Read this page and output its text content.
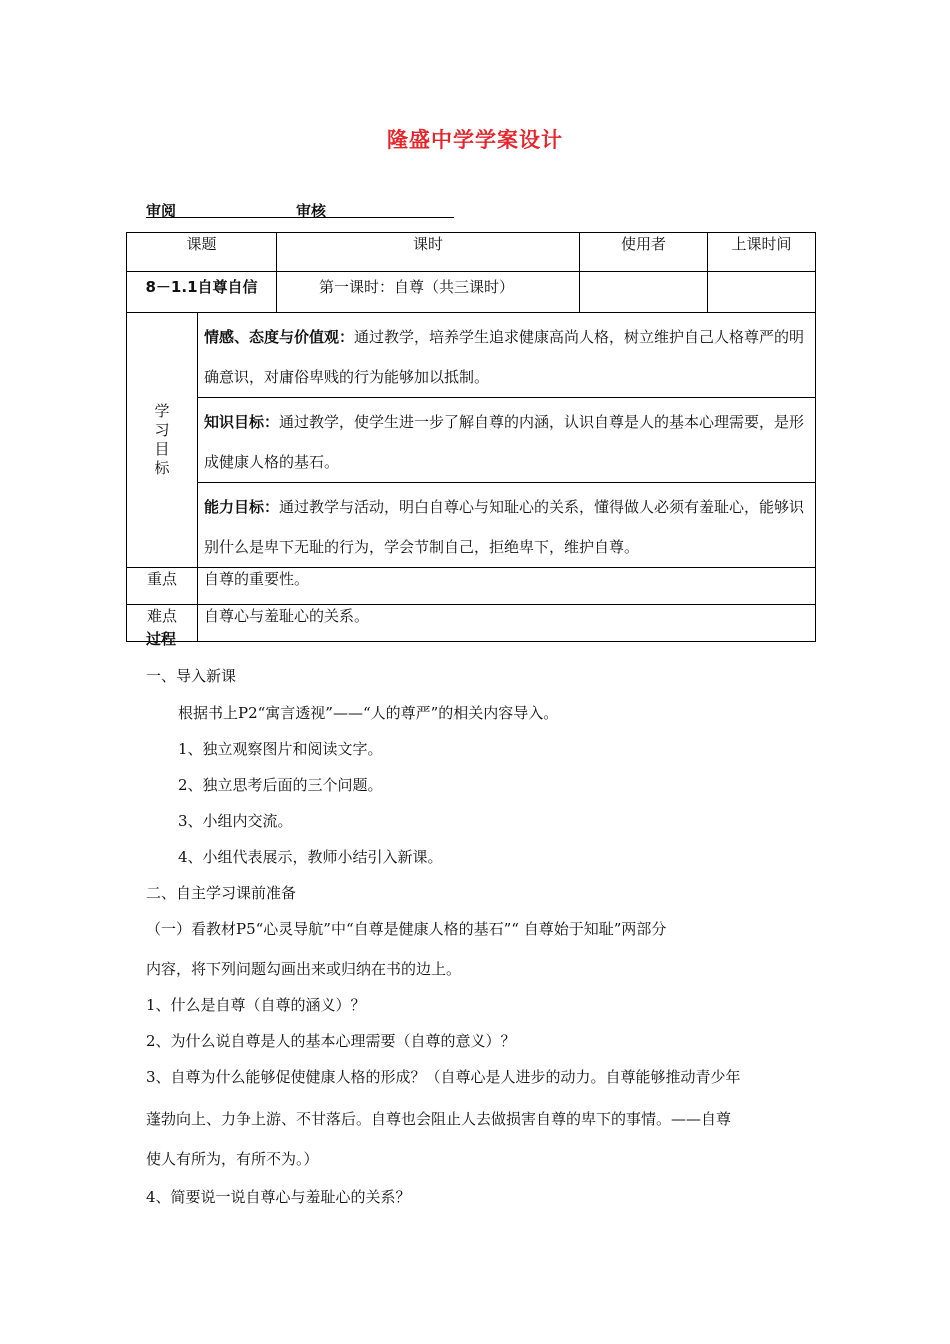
隆盛中学学案设计
审阅	审核
课题		课时	使用者	上课时间
8－1.1自尊自信		第一课时：自尊（共三课时）		
学习目标	情感、态度与价值观：通过教学，培养学生追求健康高尚人格，树立维护自己人格尊严的明确意识，对庸俗卑贱的行为能够加以抵制。			
	知识目标：通过教学，使学生进一步了解自尊的内涵，认识自尊是人的基本心理需要，是形成健康人格的基石。			
	能力目标：通过教学与活动，明白自尊心与知耻心的关系，懂得做人必须有羞耻心，能够识别什么是卑下无耻的行为，学会节制自己，拒绝卑下，维护自尊。			
重点	自尊的重要性。			
难点	自尊心与羞耻心的关系。			
过程
一、导入新课
根据书上P2“寓言透视”——“人的尊严”的相关内容导入。
1、独立观察图片和阅读文字。
2、独立思考后面的三个问题。
3、小组内交流。
4、小组代表展示，教师小结引入新课。
二、自主学习课前准备
（一）看教材P5“心灵导航”中“自尊是健康人格的基石”“ 自尊始于知耻”两部分
内容，将下列问题勾画出来或归纳在书的边上。
1、什么是自尊（自尊的涵义）？
2、为什么说自尊是人的基本心理需要（自尊的意义）？
3、自尊为什么能够促使健康人格的形成？（自尊心是人进步的动力。自尊能够推动青少年
蓬勃向上、力争上游、不甘落后。自尊也会阻止人去做损害自尊的卑下的事情。——自尊
使人有所为，有所不为。）
4、简要说一说自尊心与羞耻心的关系？
